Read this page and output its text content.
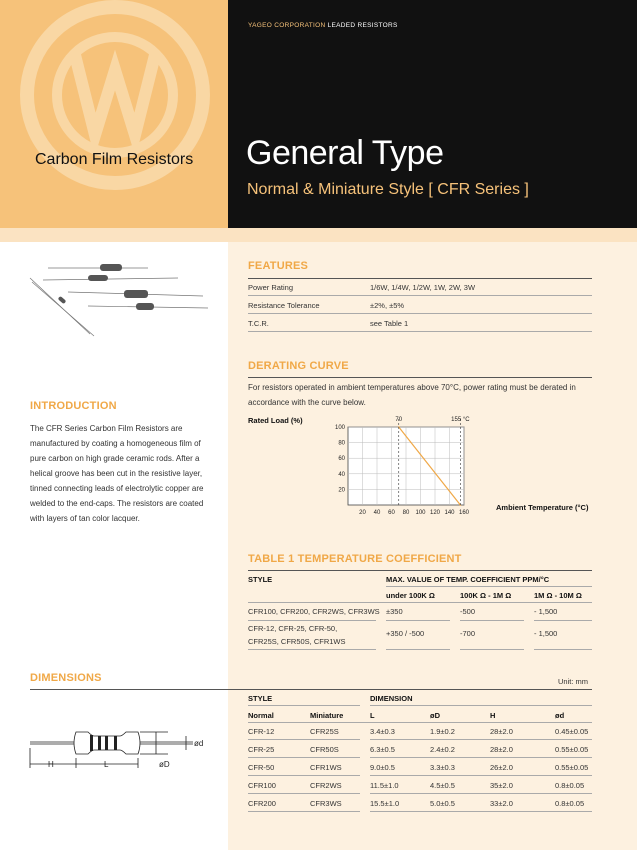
YAGEO CORPORATION LEADED RESISTORS
Carbon Film Resistors General Type
Normal & Miniature Style [ CFR Series ]
FEATURES
Power Rating	1/6W, 1/4W, 1/2W, 1W, 2W, 3W
Resistance Tolerance	±2%, ±5%
T.C.R.	see Table 1
DERATING CURVE
For resistors operated in ambient temperatures above 70°C, power rating must be derated in accordance with the curve below.
Rated Load (%)
Ambient Temperature (°C)
20 40 60 80 100 120 140 160
20
40
60
80
100
70	155 °C
INTRODUCTION
The CFR Series Carbon Film Resistors are manufactured by coating a homogeneous film of pure carbon on high grade ceramic rods. After a helical groove has been cut in the resistive layer, tinned connecting leads of electrolytic copper are welded to the end-caps. The resistors are coated with layers of tan color lacquer.
TABLE 1 TEMPERATURE COEFFICIENT
STYLE	MAX. VALUE OF TEMP. COEFFICIENT PPM/°C
under 100K Ω	100K Ω - 1M Ω	1M Ω - 10M Ω
CFR100, CFR200, CFR2WS, CFR3WS ±350	-500	- 1,500
CFR-12, CFR-25, CFR-50,
CFR25S, CFR50S, CFR1WS
+350 / -500	-700	- 1,500
DIMENSIONS	Unit: mm
STYLE	DIMENSION
Normal	Miniature	L	øD	H	ød
CFR-12	CFR25S	3.4±0.3	1.9±0.2	28±2.0	0.45±0.05
CFR-25	CFR50S	6.3±0.5	2.4±0.2	28±2.0	0.55±0.05
CFR-50	CFR1WS	9.0±0.5	3.3±0.3	26±2.0	0.55±0.05
CFR100	CFR2WS	11.5±1.0	4.5±0.5	35±2.0	0.8±0.05
CFR200	CFR3WS	15.5±1.0	5.0±0.5	33±2.0	0.8±0.05
H	L	øD
ød
